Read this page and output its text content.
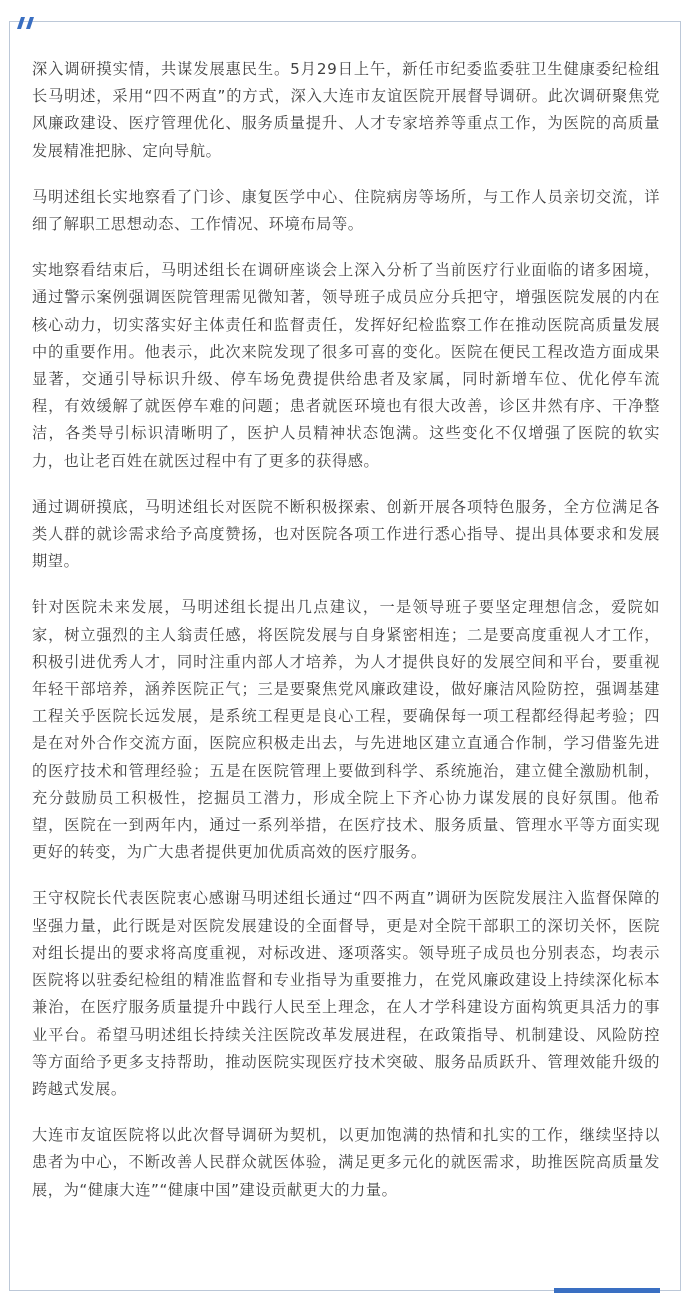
深入调研摸实情，共谋发展惠民生。5月29日上午，新任市纪委监委驻卫生健康委纪检组长马明述，采用“四不两直”的方式，深入大连市友谊医院开展督导调研。此次调研聚焦党风廉政建设、医疗管理优化、服务质量提升、人才专家培养等重点工作，为医院的高质量发展精准把脉、定向导航。

马明述组长实地察看了门诊、康复医学中心、住院病房等场所，与工作人员亲切交流，详细了解职工思想动态、工作情况、环境布局等。

实地察看结束后，马明述组长在调研座谈会上深入分析了当前医疗行业面临的诸多困境，通过警示案例强调医院管理需见微知著，领导班子成员应分兵把守，增强医院发展的内在核心动力，切实落实好主体责任和监督责任，发挥好纪检监察工作在推动医院高质量发展中的重要作用。他表示，此次来院发现了很多可喜的变化。医院在便民工程改造方面成果显著，交通引导标识升级、停车场免费提供给患者及家属，同时新增车位、优化停车流程，有效缓解了就医停车难的问题；患者就医环境也有很大改善，诊区井然有序、干净整洁，各类导引标识清晰明了，医护人员精神状态饱满。这些变化不仅增强了医院的软实力，也让老百姓在就医过程中有了更多的获得感。

通过调研摸底，马明述组长对医院不断积极探索、创新开展各项特色服务，全方位满足各类人群的就诊需求给予高度赞扬，也对医院各项工作进行悉心指导、提出具体要求和发展期望。

针对医院未来发展，马明述组长提出几点建议，一是领导班子要坚定理想信念，爱院如家，树立强烈的主人翁责任感，将医院发展与自身紧密相连；二是要高度重视人才工作，积极引进优秀人才，同时注重内部人才培养，为人才提供良好的发展空间和平台，要重视年轻干部培养，涵养医院正气；三是要聚焦党风廉政建设，做好廉洁风险防控，强调基建工程关乎医院长远发展，是系统工程更是良心工程，要确保每一项工程都经得起考验；四是在对外合作交流方面，医院应积极走出去，与先进地区建立直通合作制，学习借鉴先进的医疗技术和管理经验；五是在医院管理上要做到科学、系统施治，建立健全激励机制，充分鼓励员工积极性，挖掘员工潜力，形成全院上下齐心协力谋发展的良好氛围。他希望，医院在一到两年内，通过一系列举措，在医疗技术、服务质量、管理水平等方面实现更好的转变，为广大患者提供更加优质高效的医疗服务。

王守权院长代表医院衷心感谢马明述组长通过“四不两直”调研为医院发展注入监督保障的坚强力量，此行既是对医院发展建设的全面督导，更是对全院干部职工的深切关怀，医院对组长提出的要求将高度重视，对标改进、逐项落实。领导班子成员也分别表态，均表示医院将以驻委纪检组的精准监督和专业指导为重要推力，在党风廉政建设上持续深化标本兼治，在医疗服务质量提升中践行人民至上理念，在人才学科建设方面构筑更具活力的事业平台。希望马明述组长持续关注医院改革发展进程，在政策指导、机制建设、风险防控等方面给予更多支持帮助，推动医院实现医疗技术突破、服务品质跃升、管理效能升级的跨越式发展。

大连市友谊医院将以此次督导调研为契机，以更加饱满的热情和扎实的工作，继续坚持以患者为中心，不断改善人民群众就医体验，满足更多元化的就医需求，助推医院高质量发展，为“健康大连”“健康中国”建设贡献更大的力量。
